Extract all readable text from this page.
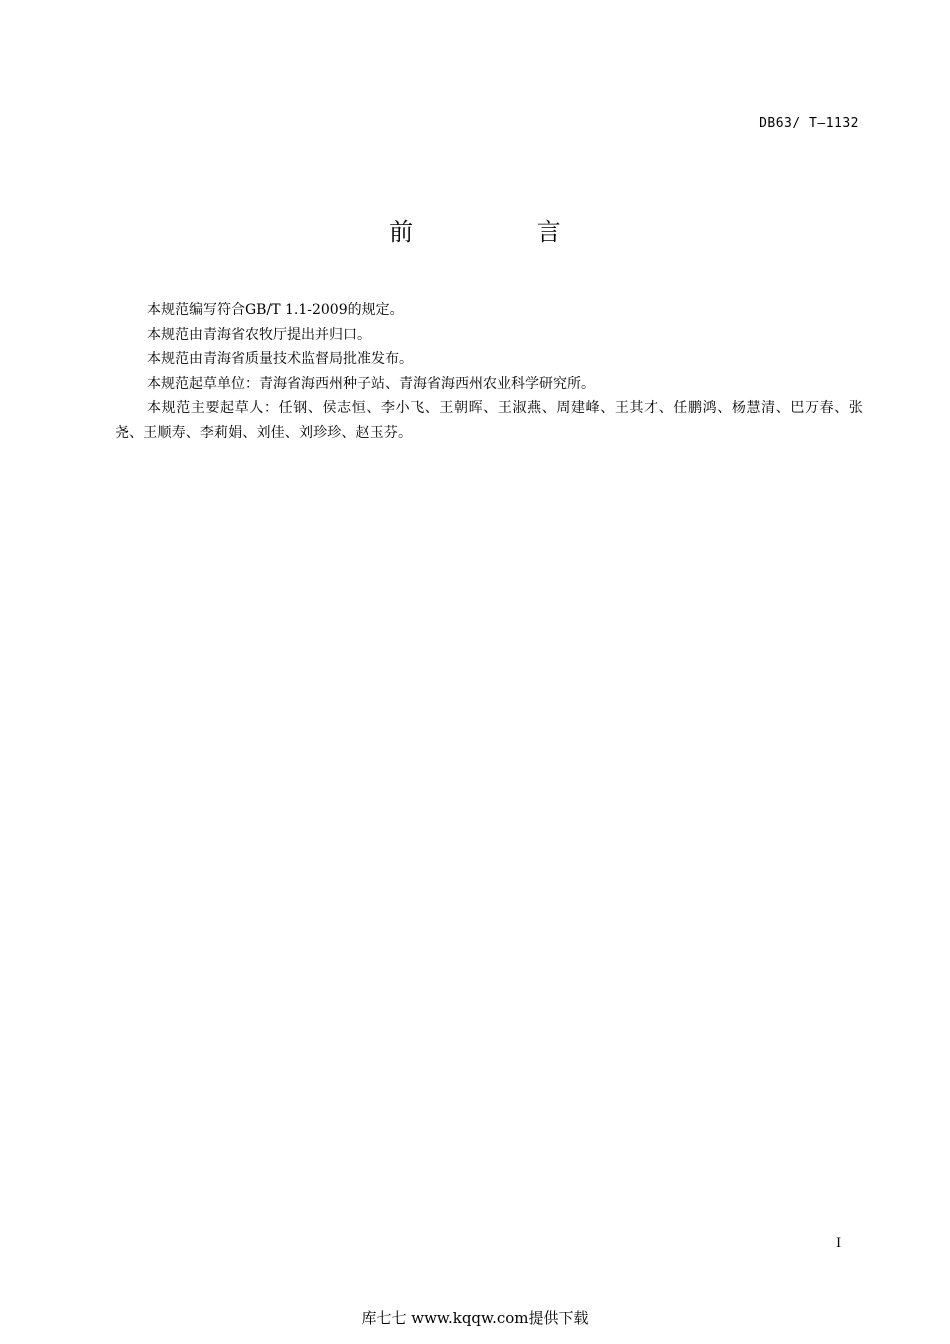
DB63/ T—1132
前 言

本规范编写符合GB/T 1.1-2009的规定。

本规范由青海省农牧厅提出并归口。

本规范由青海省质量技术监督局批准发布。

本规范起草单位：青海省海西州种子站、青海省海西州农业科学研究所。

本规范主要起草人：任钢、侯志恒、李小飞、王朝晖、王淑燕、周建峰、王其才、任鹏鸿、杨慧清、巴万春、张尧、王顺寿、李莉娟、刘佳、刘珍珍、赵玉芬。

I
库七七 www.kqqw.com提供下载
